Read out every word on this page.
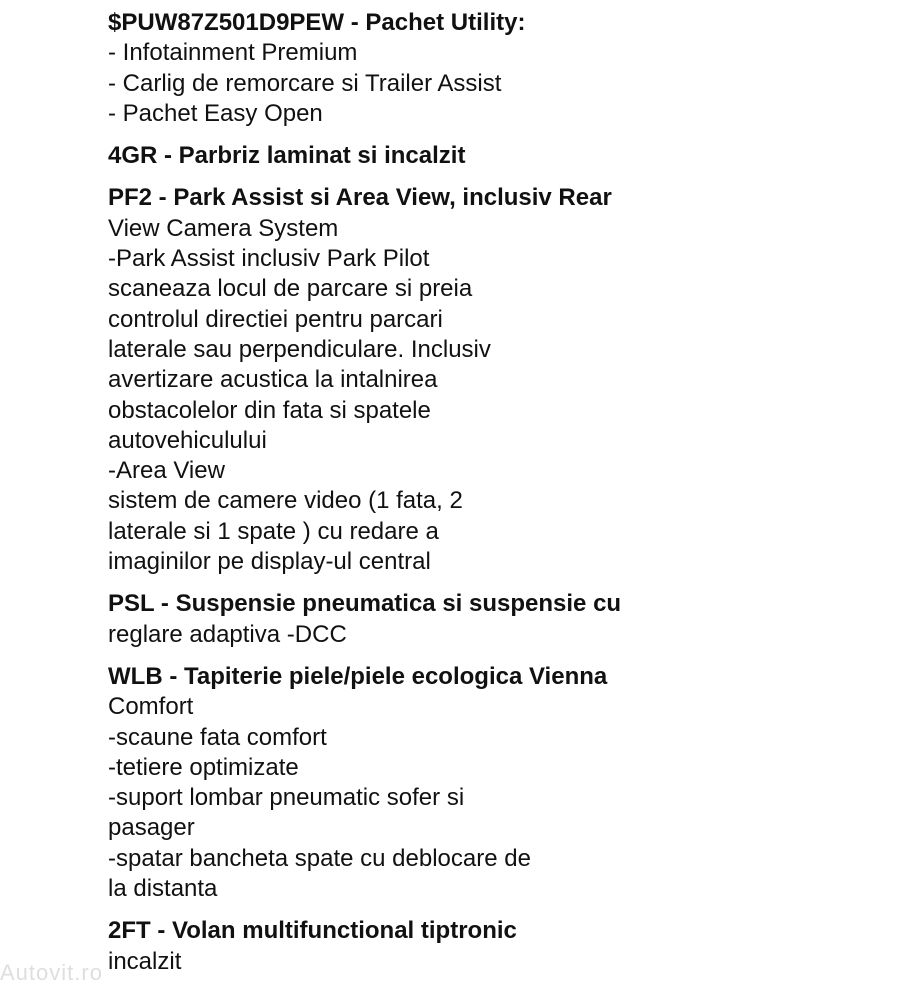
$PUW87Z501D9PEW - Pachet Utility:
- Infotainment Premium
- Carlig de remorcare si Trailer Assist
- Pachet Easy Open
4GR - Parbriz laminat si incalzit
PF2 - Park Assist si Area View, inclusiv Rear
View Camera System
-Park Assist inclusiv Park Pilot
scaneaza locul de parcare si preia
controlul directiei pentru parcari
laterale sau perpendiculare. Inclusiv
avertizare acustica la intalnirea
obstacolelor din fata si spatele
autovehiculului
-Area View
sistem de camere video (1 fata, 2
laterale si 1 spate ) cu redare a
imaginilor pe display-ul central
PSL - Suspensie pneumatica si suspensie cu
reglare adaptiva -DCC
WLB - Tapiterie piele/piele ecologica Vienna
Comfort
-scaune fata comfort
-tetiere optimizate
-suport lombar pneumatic sofer si
pasager
-spatar bancheta spate cu deblocare de
la distanta
2FT - Volan multifunctional tiptronic
incalzit
Autovit.ro
